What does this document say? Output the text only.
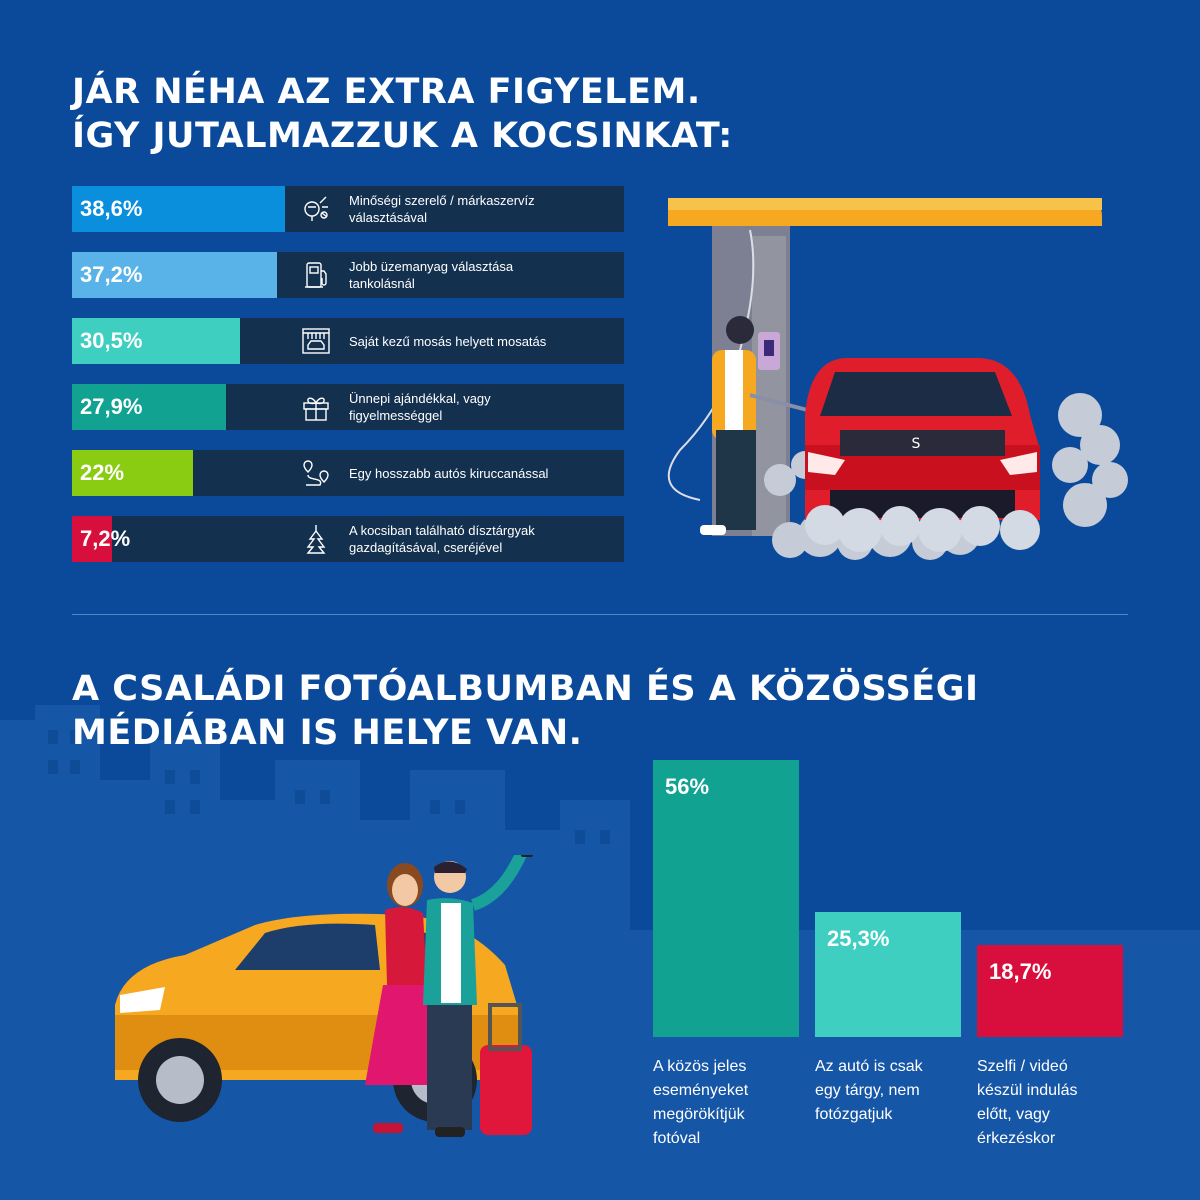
JÁR NÉHA AZ EXTRA FIGYELEM.
ÍGY JUTALMAZZUK A KOCSINKAT:
38,6%	Minőségi szerelő / márkaszervíz
választásával
37,2%	Jobb üzemanyag választása
tankolásnál
30,5%	Saját kezű mosás helyett mosatás
27,9%	Ünnepi ajándékkal, vagy
figyelmességgel
22%	Egy hosszabb autós kiruccanással
7,2%	A kocsiban található dísztárgyak
gazdagításával, cseréjével
S
A CSALÁDI FOTÓALBUMBAN ÉS A KÖZÖSSÉGI
MÉDIÁBAN IS HELYE VAN.
S
56%
A közös jeles
eseményeket
megörökítjük
fotóval
25,3%
Az autó is csak
egy tárgy, nem
fotózgatjuk
18,7%
Szelfi / videó
készül indulás
előtt, vagy
érkezéskor
